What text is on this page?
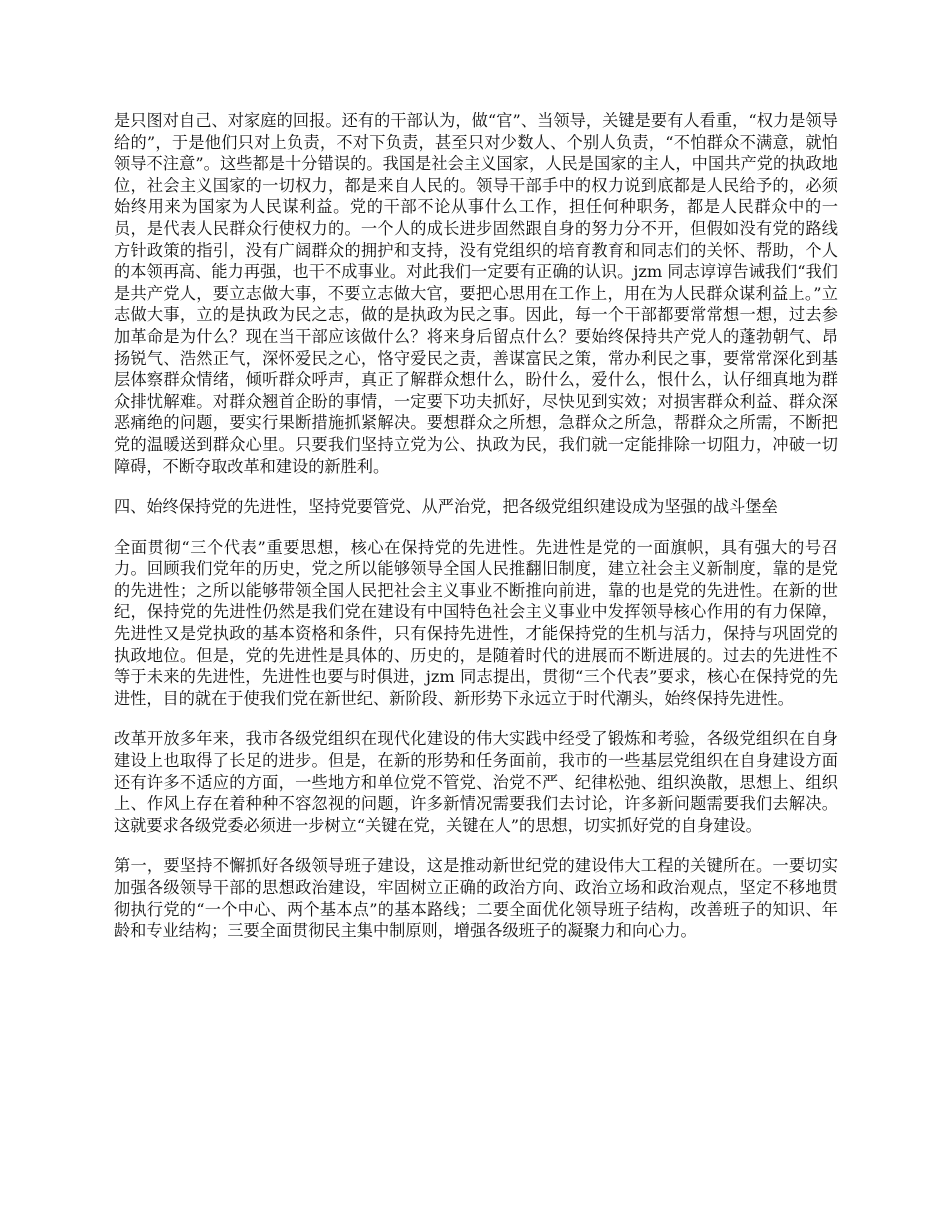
是只图对自己、对家庭的回报。还有的干部认为，做“官”、当领导，关键是要有人看重，“权力是领导给的”，于是他们只对上负责，不对下负责，甚至只对少数人、个别人负责，“不怕群众不满意，就怕领导不注意”。这些都是十分错误的。我国是社会主义国家，人民是国家的主人，中国共产党的执政地位，社会主义国家的一切权力，都是来自人民的。领导干部手中的权力说到底都是人民给予的，必须始终用来为国家为人民谋利益。党的干部不论从事什么工作，担任何种职务，都是人民群众中的一员，是代表人民群众行使权力的。一个人的成长进步固然跟自身的努力分不开，但假如没有党的路线方针政策的指引，没有广阔群众的拥护和支持，没有党组织的培育教育和同志们的关怀、帮助，个人的本领再高、能力再强，也干不成事业。对此我们一定要有正确的认识。jzm 同志谆谆告诫我们“我们是共产党人，要立志做大事，不要立志做大官，要把心思用在工作上，用在为人民群众谋利益上。”立志做大事，立的是执政为民之志，做的是执政为民之事。因此，每一个干部都要常常想一想，过去参加革命是为什么？现在当干部应该做什么？将来身后留点什么？要始终保持共产党人的蓬勃朝气、昂扬锐气、浩然正气，深怀爱民之心，恪守爱民之责，善谋富民之策，常办利民之事，要常常深化到基层体察群众情绪，倾听群众呼声，真正了解群众想什么，盼什么，爱什么，恨什么，认仔细真地为群众排忧解难。对群众翘首企盼的事情，一定要下功夫抓好，尽快见到实效；对损害群众利益、群众深恶痛绝的问题，要实行果断措施抓紧解决。要想群众之所想，急群众之所急，帮群众之所需，不断把党的温暖送到群众心里。只要我们坚持立党为公、执政为民，我们就一定能排除一切阻力，冲破一切障碍，不断夺取改革和建设的新胜利。

四、始终保持党的先进性，坚持党要管党、从严治党，把各级党组织建设成为坚强的战斗堡垒

全面贯彻“三个代表”重要思想，核心在保持党的先进性。先进性是党的一面旗帜，具有强大的号召力。回顾我们党年的历史，党之所以能够领导全国人民推翻旧制度，建立社会主义新制度，靠的是党的先进性；之所以能够带领全国人民把社会主义事业不断推向前进，靠的也是党的先进性。在新的世纪，保持党的先进性仍然是我们党在建设有中国特色社会主义事业中发挥领导核心作用的有力保障，先进性又是党执政的基本资格和条件，只有保持先进性，才能保持党的生机与活力，保持与巩固党的执政地位。但是，党的先进性是具体的、历史的，是随着时代的进展而不断进展的。过去的先进性不等于未来的先进性，先进性也要与时俱进，jzm 同志提出，贯彻“三个代表”要求，核心在保持党的先进性，目的就在于使我们党在新世纪、新阶段、新形势下永远立于时代潮头，始终保持先进性。

改革开放多年来，我市各级党组织在现代化建设的伟大实践中经受了锻炼和考验，各级党组织在自身建设上也取得了长足的进步。但是，在新的形势和任务面前，我市的一些基层党组织在自身建设方面还有许多不适应的方面，一些地方和单位党不管党、治党不严、纪律松弛、组织涣散，思想上、组织上、作风上存在着种种不容忽视的问题，许多新情况需要我们去讨论，许多新问题需要我们去解决。这就要求各级党委必须进一步树立“关键在党，关键在人”的思想，切实抓好党的自身建设。

第一，要坚持不懈抓好各级领导班子建设，这是推动新世纪党的建设伟大工程的关键所在。一要切实加强各级领导干部的思想政治建设，牢固树立正确的政治方向、政治立场和政治观点，坚定不移地贯彻执行党的“一个中心、两个基本点”的基本路线；二要全面优化领导班子结构，改善班子的知识、年龄和专业结构；三要全面贯彻民主集中制原则，增强各级班子的凝聚力和向心力。
